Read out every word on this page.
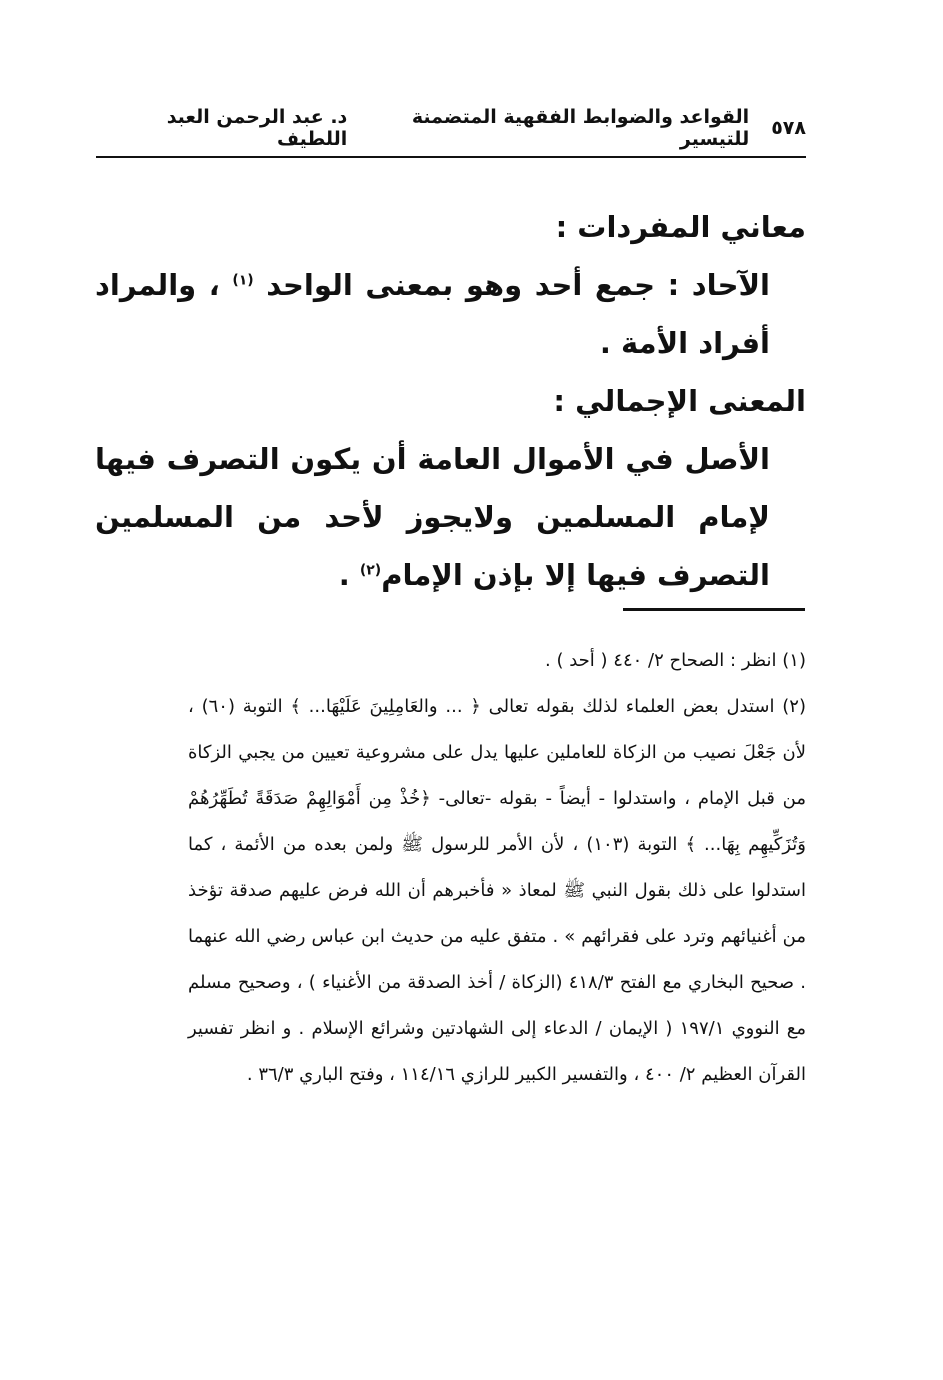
٥٧٨
القواعد والضوابط الفقهية المتضمنة للتيسير
د. عبد الرحمن العبد اللطيف

معاني المفردات :

الآحاد : جمع أحد وهو بمعنى الواحد $^{(١)}$ ، والمراد أفراد الأمة .

المعنى الإجمالي :

الأصل في الأموال العامة أن يكون التصرف فيها لإمام المسلمين ولايجوز لأحد من المسلمين التصرف فيها إلا بإذن الإمام$^{(٢)}$ .

(١) انظر : الصحاح ٢/ ٤٤٠ ( أحد ) .

(٢) استدل بعض العلماء لذلك بقوله تعالى ﴿ ... والعَامِلِينَ عَلَيْهَا... ﴾ التوبة (٦٠) ، لأن جَعْلَ نصيب من الزكاة للعاملين عليها يدل على مشروعية تعيين من يجبي الزكاة من قبل الإمام ، واستدلوا - أيضاً - بقوله -تعالى- ﴿خُذْ مِن أَمْوَالِهِمْ صَدَقَةً تُطَهِّرُهُمْ وَتُزَكِّيهِم بِهَا... ﴾ التوبة (١٠٣) ، لأن الأمر للرسول ﷺ ولمن بعده من الأئمة ، كما استدلوا على ذلك بقول النبي ﷺ لمعاذ « فأخبرهم أن الله فرض عليهم صدقة تؤخذ من أغنيائهم وترد على فقرائهم » . متفق عليه من حديث ابن عباس رضي الله عنهما . صحيح البخاري مع الفتح ٤١٨/٣ (الزكاة / أخذ الصدقة من الأغنياء ) ، وصحيح مسلم مع النووي ١٩٧/١ ( الإيمان / الدعاء إلى الشهادتين وشرائع الإسلام . و انظر تفسير القرآن العظيم ٢/ ٤٠٠ ، والتفسير الكبير للرازي ١١٤/١٦ ، وفتح الباري ٣٦/٣ .
